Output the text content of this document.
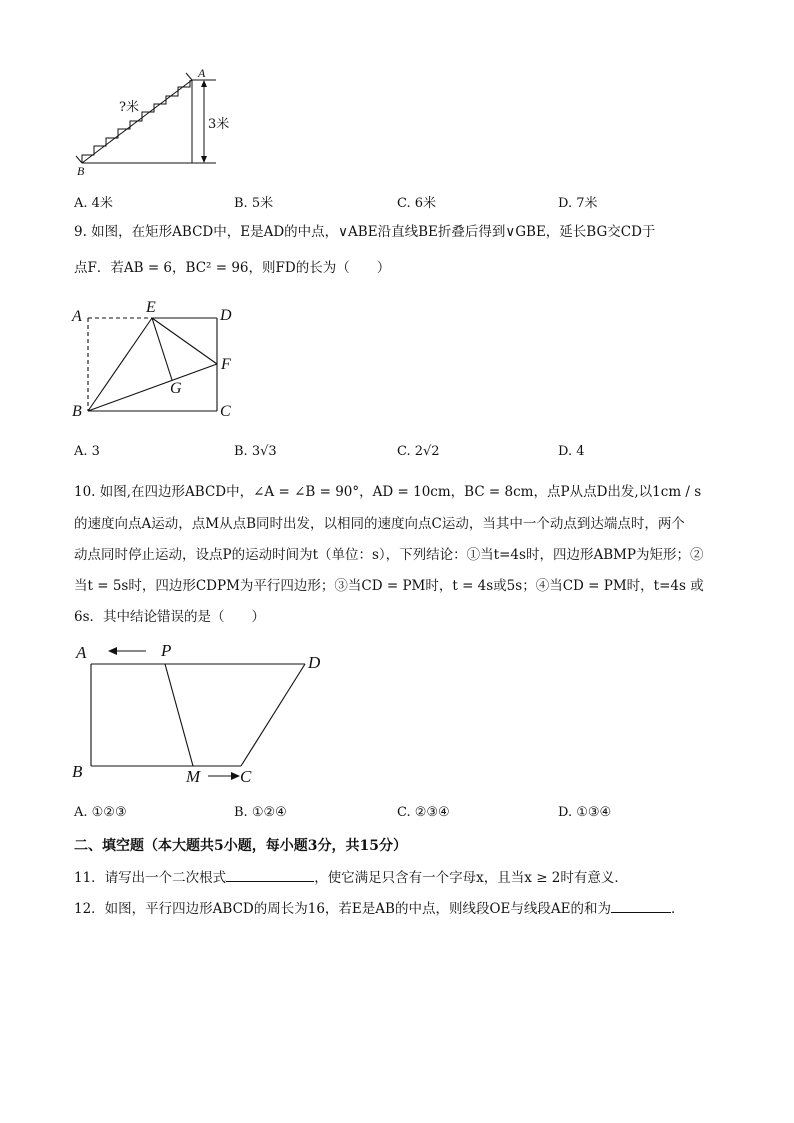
A
B
?米
3米
A. 4米	B. 5米	C. 6米	D. 7米
9. 如图，在矩形ABCD中，E是AD的中点，∨ABE沿直线BE折叠后得到∨GBE，延长BG交CD于
点F．若AB = 6，BC² = 96，则FD的长为（　　）
A
E	D
F
G
B	C
A. 3	B. 3√3	C. 2√2	D. 4
10. 如图,在四边形ABCD中，∠A = ∠B = 90°，AD = 10cm，BC = 8cm，点P从点D出发,以1cm / s
的速度向点A运动，点M从点B同时出发，以相同的速度向点C运动，当其中一个动点到达端点时，两个
动点同时停止运动，设点P的运动时间为t（单位：s），下列结论：①当t=4s时，四边形ABMP为矩形；②
当t = 5s时，四边形CDPM为平行四边形；③当CD = PM时，t = 4s或5s；④当CD = PM时，t=4s 或
6s．其中结论错误的是（　　）
A	P
D
B	M C
A. ①②③	B. ①②④	C. ②③④	D. ①③④
二、填空题（本大题共5小题，每小题3分，共15分）
11．请写出一个二次根式	，使它满足只含有一个字母x，且当x ≥ 2时有意义．
12．如图，平行四边形ABCD的周长为16，若E是AB的中点，则线段OE与线段AE的和为	．
